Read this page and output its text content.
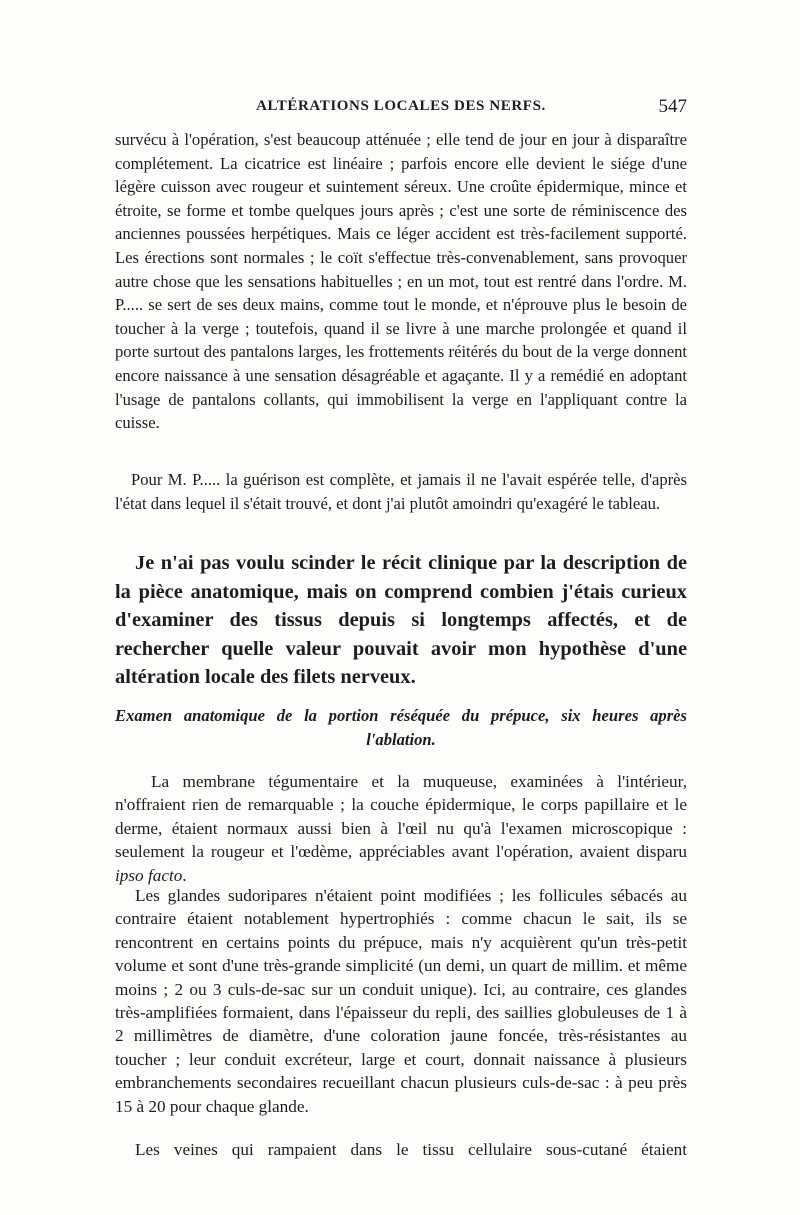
ALTÉRATIONS LOCALES DES NERFS.	547

survécu à l'opération, s'est beaucoup atténuée ; elle tend de jour en jour à disparaître complétement. La cicatrice est linéaire ; parfois encore elle devient le siége d'une légère cuisson avec rougeur et suintement séreux. Une croûte épidermique, mince et étroite, se forme et tombe quelques jours après ; c'est une sorte de réminiscence des anciennes poussées herpétiques. Mais ce léger accident est très-facilement supporté. Les érections sont normales ; le coït s'effectue très-convenablement, sans provoquer autre chose que les sensations habituelles ; en un mot, tout est rentré dans l'ordre. M. P..... se sert de ses deux mains, comme tout le monde, et n'éprouve plus le besoin de toucher à la verge ; toutefois, quand il se livre à une marche prolongée et quand il porte surtout des pantalons larges, les frottements réitérés du bout de la verge donnent encore naissance à une sensation désagréable et agaçante. Il y a remédié en adoptant l'usage de pantalons collants, qui immobilisent la verge en l'appliquant contre la cuisse.

Pour M. P..... la guérison est complète, et jamais il ne l'avait espérée telle, d'après l'état dans lequel il s'était trouvé, et dont j'ai plutôt amoindri qu'exagéré le tableau.

Je n'ai pas voulu scinder le récit clinique par la description de la pièce anatomique, mais on comprend combien j'étais curieux d'examiner des tissus depuis si longtemps affectés, et de rechercher quelle valeur pouvait avoir mon hypothèse d'une altération locale des filets nerveux.

Examen anatomique de la portion réséquée du prépuce, six heures après
l'ablation.

La membrane tégumentaire et la muqueuse, examinées à l'intérieur, n'offraient rien de remarquable ; la couche épidermique, le corps papillaire et le derme, étaient normaux aussi bien à l'œil nu qu'à l'examen microscopique : seulement la rougeur et l'œdème, appréciables avant l'opération, avaient disparu ipso facto.

Les glandes sudoripares n'étaient point modifiées ; les follicules sébacés au contraire étaient notablement hypertrophiés : comme chacun le sait, ils se rencontrent en certains points du prépuce, mais n'y acquièrent qu'un très-petit volume et sont d'une très-grande simplicité (un demi, un quart de millim. et même moins ; 2 ou 3 culs-de-sac sur un conduit unique). Ici, au contraire, ces glandes très-amplifiées formaient, dans l'épaisseur du repli, des saillies globuleuses de 1 à 2 millimètres de diamètre, d'une coloration jaune foncée, très-résistantes au toucher ; leur conduit excréteur, large et court, donnait naissance à plusieurs embranchements secondaires recueillant chacun plusieurs culs-de-sac : à peu près 15 à 20 pour chaque glande.

Les veines qui rampaient dans le tissu cellulaire sous-cutané étaient
